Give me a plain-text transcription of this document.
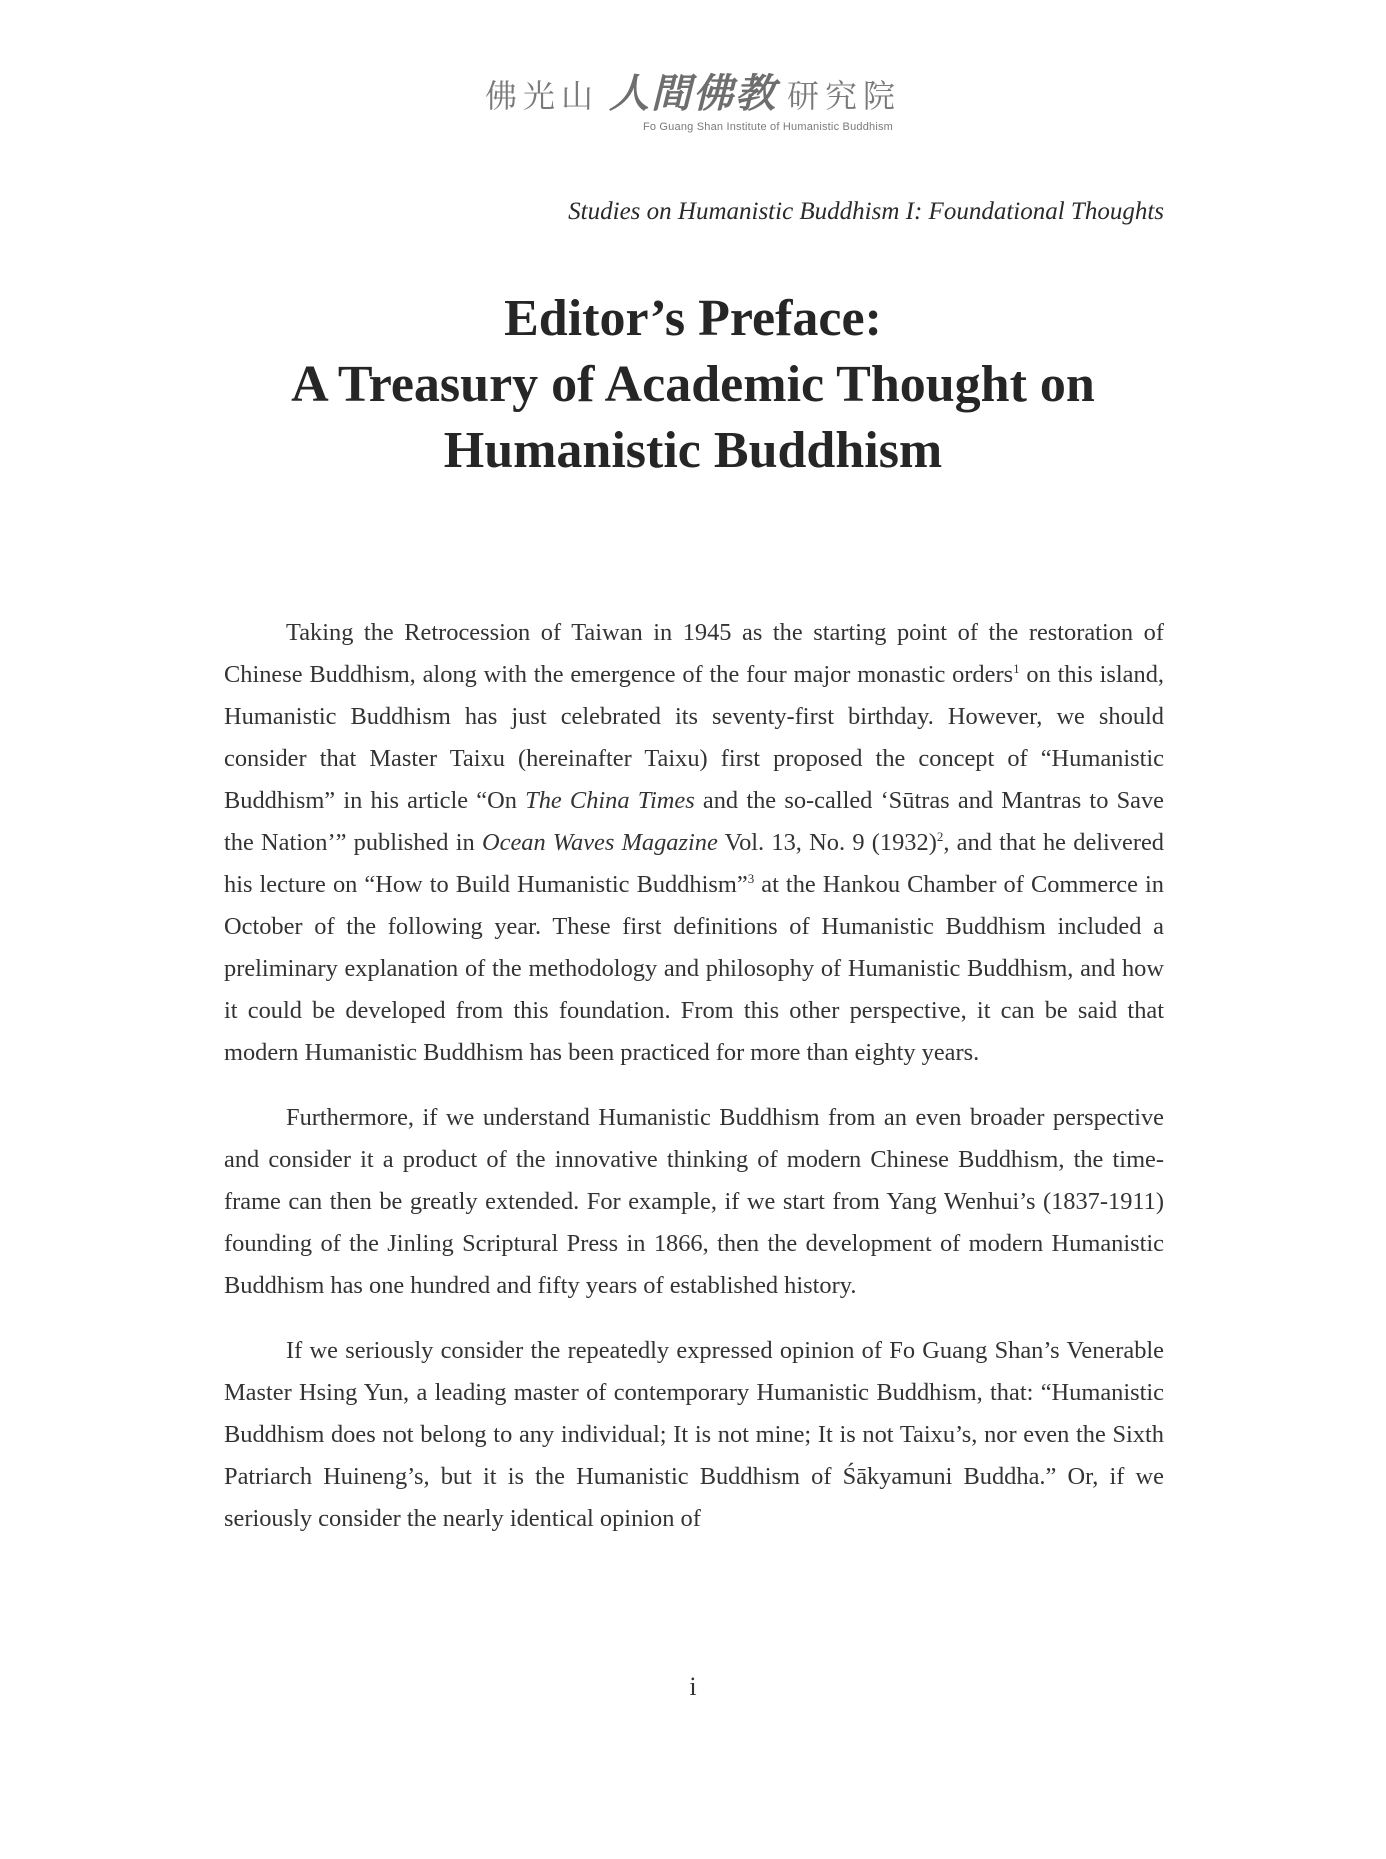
佛光山 人間佛教 研究院
Fo Guang Shan Institute of Humanistic Buddhism
Studies on Humanistic Buddhism I: Foundational Thoughts
Editor’s Preface:
A Treasury of Academic Thought on
Humanistic Buddhism

Taking the Retrocession of Taiwan in 1945 as the starting point of the restoration of Chinese Buddhism, along with the emergence of the four major monastic orders$^1$ on this island, Humanistic Buddhism has just celebrated its seventy-first birthday. However, we should consider that Master Taixu (hereinafter Taixu) first proposed the concept of “Humanistic Buddhism” in his article “On The China Times and the so-called ‘Sūtras and Mantras to Save the Nation’” published in Ocean Waves Magazine Vol. 13, No. 9 $(1932)^2$, and that he delivered his lecture on “How to Build Humanistic Buddhism”$^3$ at the Hankou Chamber of Commerce in October of the following year. These first definitions of Humanistic Buddhism included a preliminary explanation of the methodology and philosophy of Humanistic Buddhism, and how it could be developed from this foundation. From this other perspective, it can be said that modern Humanistic Buddhism has been practiced for more than eighty years.

Furthermore, if we understand Humanistic Buddhism from an even broader perspective and consider it a product of the innovative thinking of modern Chinese Buddhism, the time-frame can then be greatly extended. For example, if we start from Yang Wenhui’s (1837-1911) founding of the Jinling Scriptural Press in 1866, then the development of modern Humanistic Buddhism has one hundred and fifty years of established history.

If we seriously consider the repeatedly expressed opinion of Fo Guang Shan’s Venerable Master Hsing Yun, a leading master of contemporary Humanistic Buddhism, that: “Humanistic Buddhism does not belong to any individual; It is not mine; It is not Taixu’s, nor even the Sixth Patriarch Huineng’s, but it is the Humanistic Buddhism of Śākyamuni Buddha.” Or, if we seriously consider the nearly identical opinion of

i
